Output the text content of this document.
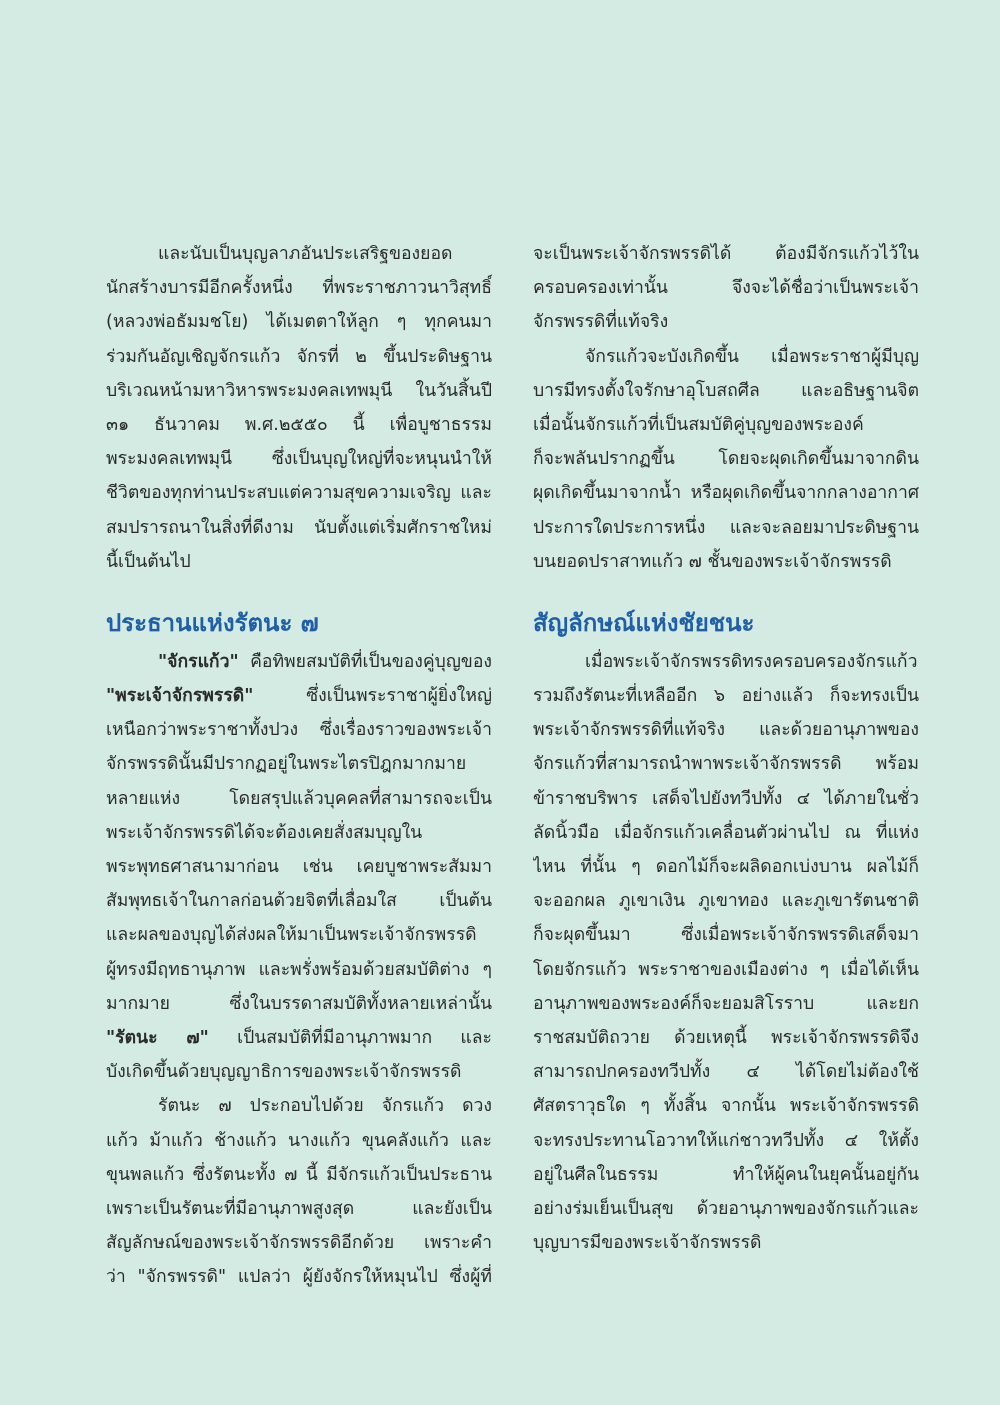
และนับเป็นบุญลาภอันประเสริฐของยอด
นักสร้างบารมีอีกครั้งหนึ่ง ที่พระราชภาวนาวิสุทธิ์
(หลวงพ่อธัมมชโย) ได้เมตตาให้ลูก ๆ ทุกคนมา
ร่วมกันอัญเชิญจักรแก้ว จักรที่ ๒ ขึ้นประดิษฐาน
บริเวณหน้ามหาวิหารพระมงคลเทพมุนี ในวันสิ้นปี
๓๑ ธันวาคม พ.ศ.๒๕๕๐ นี้ เพื่อบูชาธรรม
พระมงคลเทพมุนี ซึ่งเป็นบุญใหญ่ที่จะหนุนนำให้
ชีวิตของทุกท่านประสบแต่ความสุขความเจริญ และ
สมปรารถนาในสิ่งที่ดีงาม นับตั้งแต่เริ่มศักราชใหม่
นี้เป็นต้นไป
ประธานแห่งรัตนะ ๗
"จักรแก้ว" คือทิพยสมบัติที่เป็นของคู่บุญของ
"พระเจ้าจักรพรรดิ" ซึ่งเป็นพระราชาผู้ยิ่งใหญ่
เหนือกว่าพระราชาทั้งปวง ซึ่งเรื่องราวของพระเจ้า
จักรพรรดินั้นมีปรากฏอยู่ในพระไตรปิฎกมากมาย
หลายแห่ง โดยสรุปแล้วบุคคลที่สามารถจะเป็น
พระเจ้าจักรพรรดิได้จะต้องเคยสั่งสมบุญใน
พระพุทธศาสนามาก่อน เช่น เคยบูชาพระสัมมา
สัมพุทธเจ้าในกาลก่อนด้วยจิตที่เลื่อมใส เป็นต้น
และผลของบุญได้ส่งผลให้มาเป็นพระเจ้าจักรพรรดิ
ผู้ทรงมีฤทธานุภาพ และพรั่งพร้อมด้วยสมบัติต่าง ๆ
มากมาย ซึ่งในบรรดาสมบัติทั้งหลายเหล่านั้น
"รัตนะ ๗" เป็นสมบัติที่มีอานุภาพมาก และ
บังเกิดขึ้นด้วยบุญญาธิการของพระเจ้าจักรพรรดิ
รัตนะ ๗ ประกอบไปด้วย จักรแก้ว ดวง
แก้ว ม้าแก้ว ช้างแก้ว นางแก้ว ขุนคลังแก้ว และ
ขุนพลแก้ว ซึ่งรัตนะทั้ง ๗ นี้ มีจักรแก้วเป็นประธาน
เพราะเป็นรัตนะที่มีอานุภาพสูงสุด และยังเป็น
สัญลักษณ์ของพระเจ้าจักรพรรดิอีกด้วย เพราะคำ
ว่า "จักรพรรดิ" แปลว่า ผู้ยังจักรให้หมุนไป ซึ่งผู้ที่
จะเป็นพระเจ้าจักรพรรดิได้ ต้องมีจักรแก้วไว้ใน
ครอบครองเท่านั้น จึงจะได้ชื่อว่าเป็นพระเจ้า
จักรพรรดิที่แท้จริง
จักรแก้วจะบังเกิดขึ้น เมื่อพระราชาผู้มีบุญ
บารมีทรงตั้งใจรักษาอุโบสถศีล และอธิษฐานจิต
เมื่อนั้นจักรแก้วที่เป็นสมบัติคู่บุญของพระองค์
ก็จะพลันปรากฏขึ้น โดยจะผุดเกิดขึ้นมาจากดิน
ผุดเกิดขึ้นมาจากน้ำ หรือผุดเกิดขึ้นจากกลางอากาศ
ประการใดประการหนึ่ง และจะลอยมาประดิษฐาน
บนยอดปราสาทแก้ว ๗ ชั้นของพระเจ้าจักรพรรดิ
สัญลักษณ์แห่งชัยชนะ
เมื่อพระเจ้าจักรพรรดิทรงครอบครองจักรแก้ว
รวมถึงรัตนะที่เหลืออีก ๖ อย่างแล้ว ก็จะทรงเป็น
พระเจ้าจักรพรรดิที่แท้จริง และด้วยอานุภาพของ
จักรแก้วที่สามารถนำพาพระเจ้าจักรพรรดิ พร้อม
ข้าราชบริพาร เสด็จไปยังทวีปทั้ง ๔ ได้ภายในชั่ว
ลัดนิ้วมือ เมื่อจักรแก้วเคลื่อนตัวผ่านไป ณ ที่แห่ง
ไหน ที่นั้น ๆ ดอกไม้ก็จะผลิดอกเบ่งบาน ผลไม้ก็
จะออกผล ภูเขาเงิน ภูเขาทอง และภูเขารัตนชาติ
ก็จะผุดขึ้นมา ซึ่งเมื่อพระเจ้าจักรพรรดิเสด็จมา
โดยจักรแก้ว พระราชาของเมืองต่าง ๆ เมื่อได้เห็น
อานุภาพของพระองค์ก็จะยอมสิโรราบ และยก
ราชสมบัติถวาย ด้วยเหตุนี้ พระเจ้าจักรพรรดิจึง
สามารถปกครองทวีปทั้ง ๔ ได้โดยไม่ต้องใช้
ศัสตราวุธใด ๆ ทั้งสิ้น จากนั้น พระเจ้าจักรพรรดิ
จะทรงประทานโอวาทให้แก่ชาวทวีปทั้ง ๔ ให้ตั้ง
อยู่ในศีลในธรรม ทำให้ผู้คนในยุคนั้นอยู่กัน
อย่างร่มเย็นเป็นสุข ด้วยอานุภาพของจักรแก้วและ
บุญบารมีของพระเจ้าจักรพรรดิ
